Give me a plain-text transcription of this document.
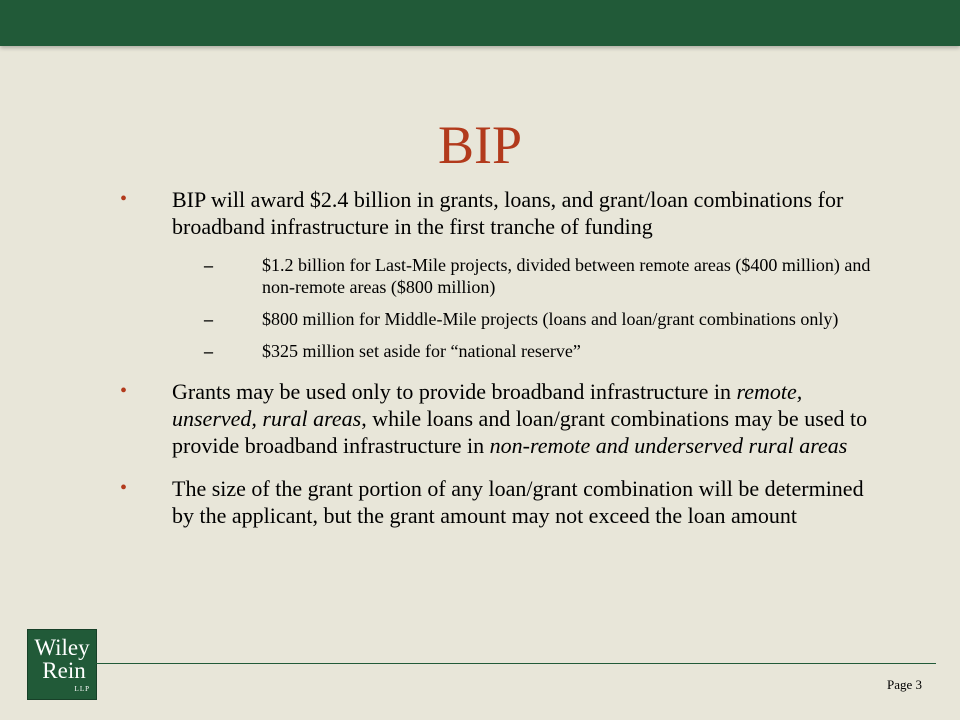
BIP
• BIP will award $2.4 billion in grants, loans, and grant/loan combinations for broadband infrastructure in the first tranche of funding
–	$1.2 billion for Last-Mile projects, divided between remote areas ($400 million) and non-remote areas ($800 million)
–	$800 million for Middle-Mile projects (loans and loan/grant combinations only)
–	$325 million set aside for “national reserve”
• Grants may be used only to provide broadband infrastructure in remote, unserved, rural areas, while loans and loan/grant combinations may be used to provide broadband infrastructure in non-remote and underserved rural areas
• The size of the grant portion of any loan/grant combination will be determined by the applicant, but the grant amount may not exceed the loan amount
Wiley
Rein
LLP	Page 3
